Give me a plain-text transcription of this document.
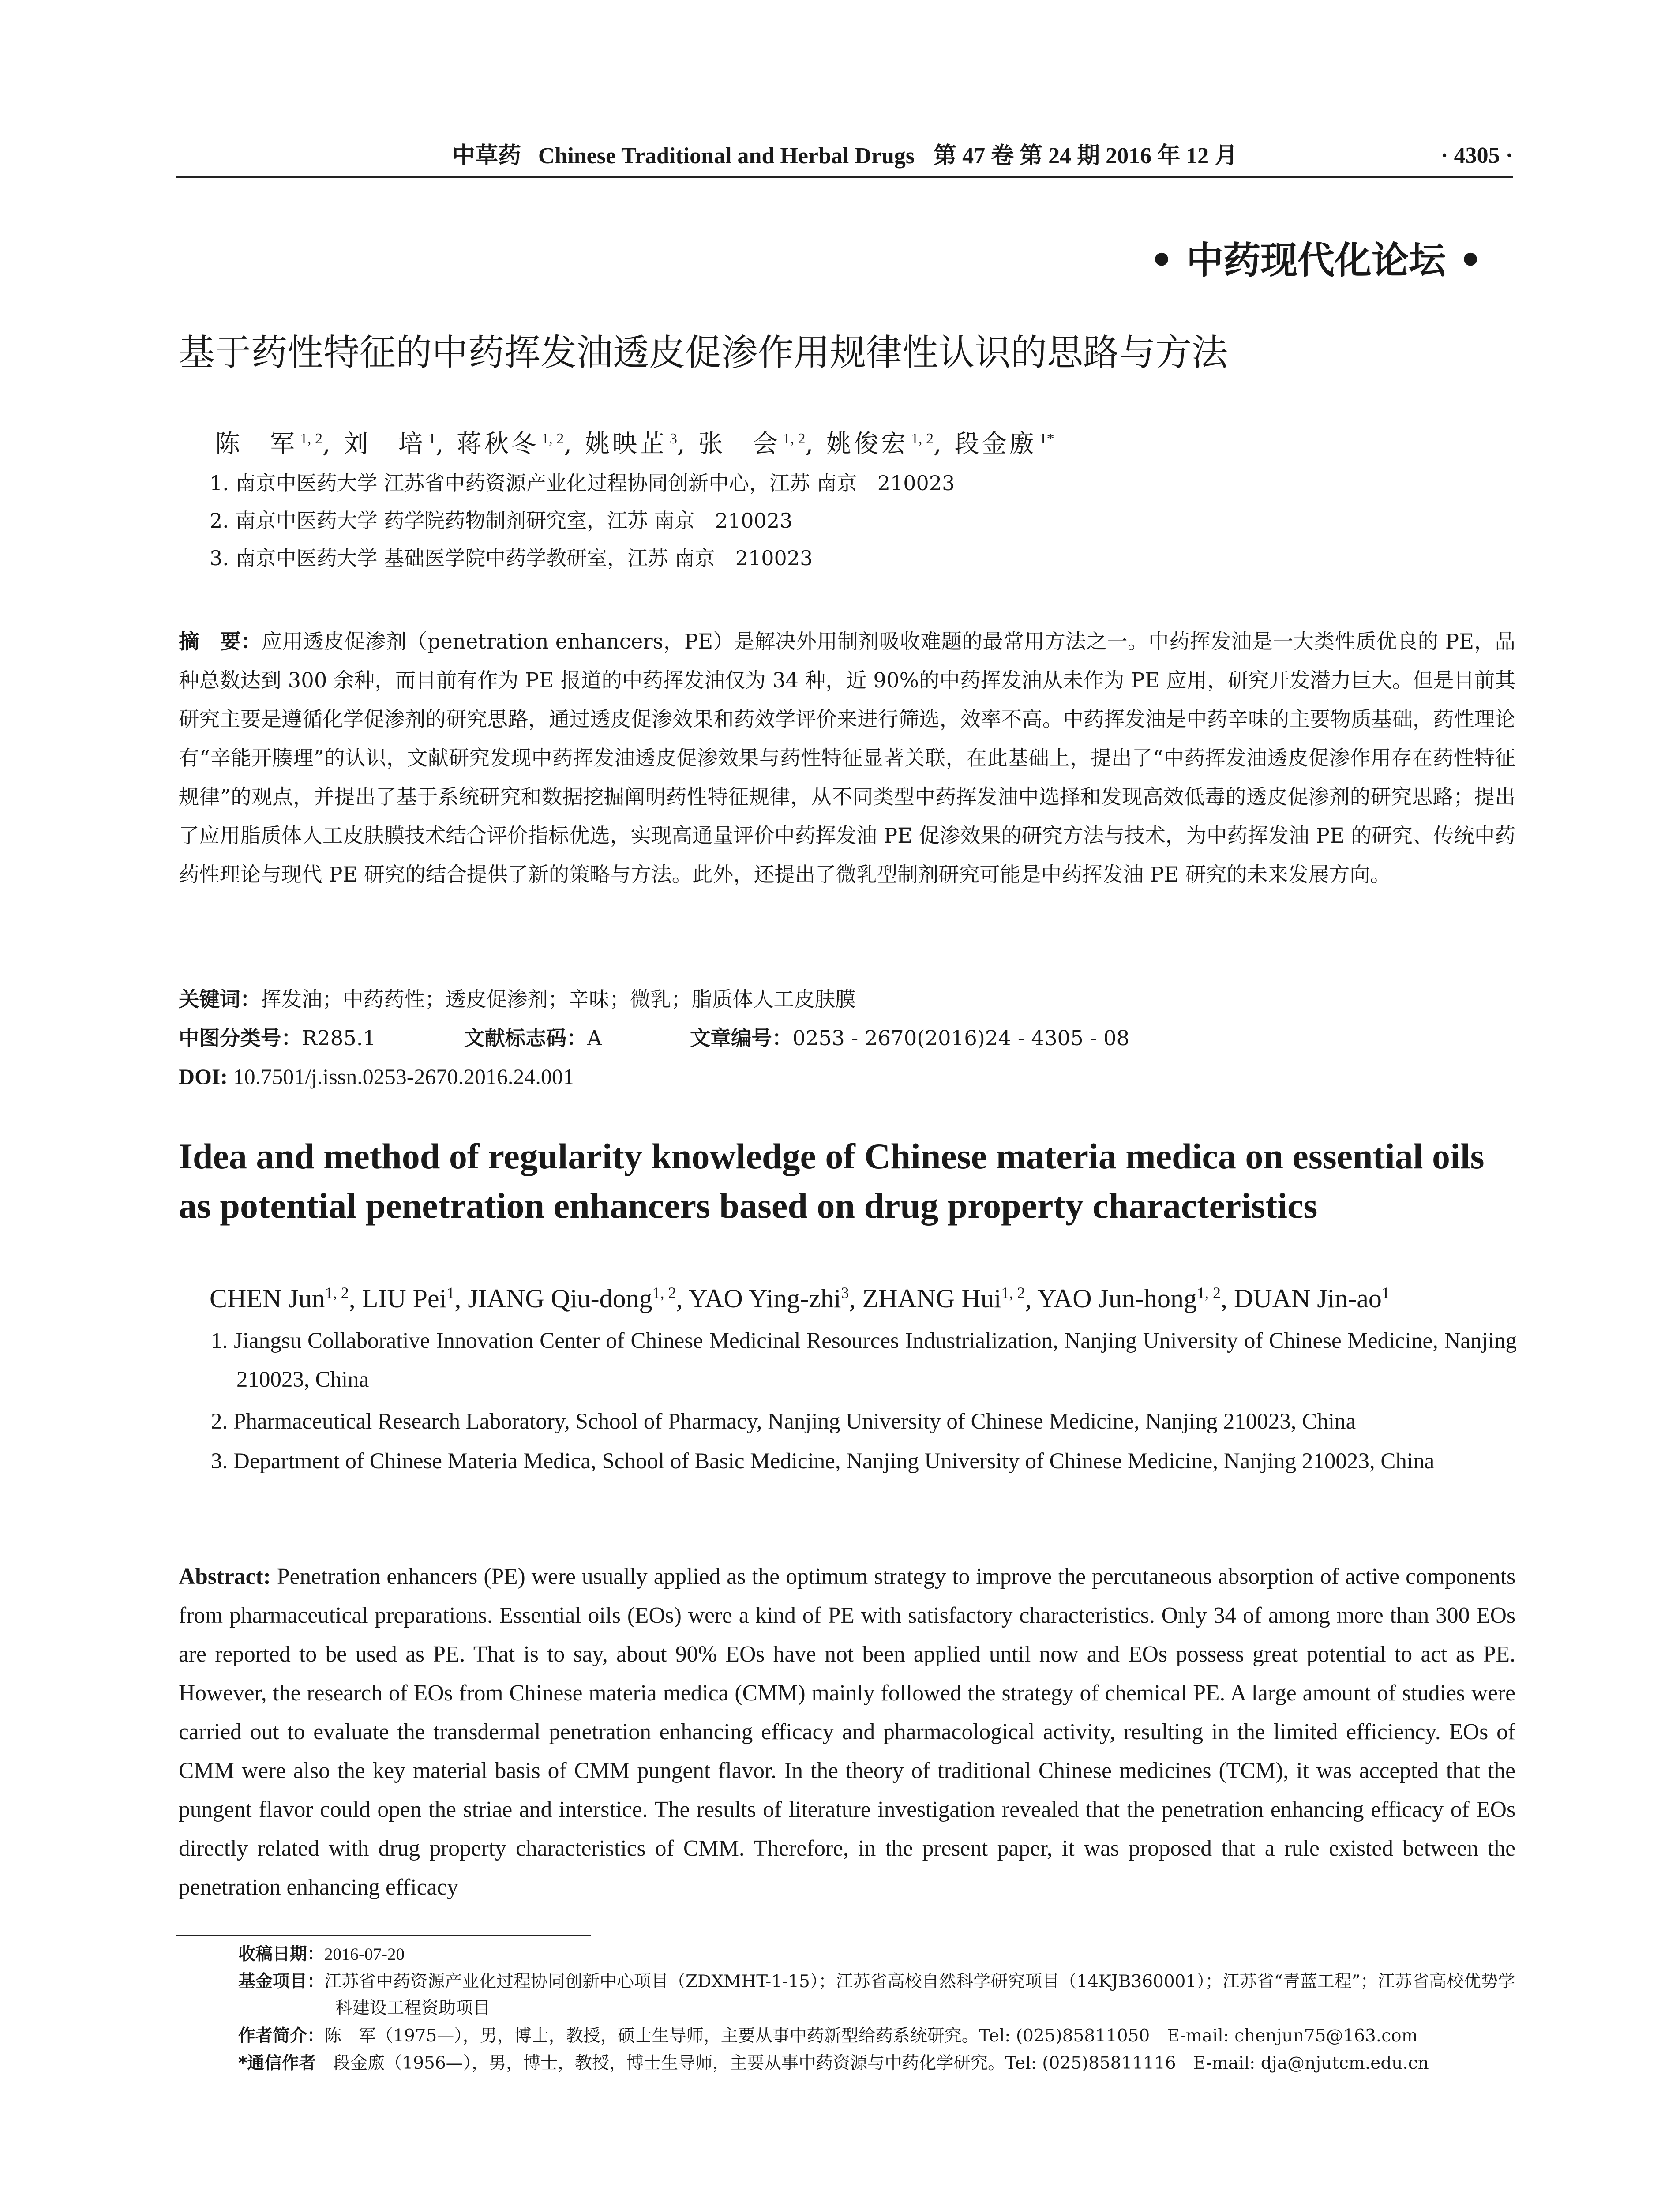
中草药 Chinese Traditional and Herbal Drugs 第 47 卷 第 24 期 2016 年 12 月	· 4305 ·
• 中药现代化论坛 •
基于药性特征的中药挥发油透皮促渗作用规律性认识的思路与方法
陈　军 $^{1, 2}$, 刘　培 $^1$, 蒋秋冬 $^{1, 2}$, 姚映芷 $^3$, 张　会 $^{1, 2}$, 姚俊宏 $^{1, 2}$, 段金廒 $^{1*}$
1. 南京中医药大学 江苏省中药资源产业化过程协同创新中心，江苏 南京　210023
2. 南京中医药大学 药学院药物制剂研究室，江苏 南京　210023
3. 南京中医药大学 基础医学院中药学教研室，江苏 南京　210023
摘　要：应用透皮促渗剂（penetration enhancers，PE）是解决外用制剂吸收难题的最常用方法之一。中药挥发油是一大类性质优良的 PE，品种总数达到 300 余种，而目前有作为 PE 报道的中药挥发油仅为 34 种，近 90%的中药挥发油从未作为 PE 应用，研究开发潜力巨大。但是目前其研究主要是遵循化学促渗剂的研究思路，通过透皮促渗效果和药效学评价来进行筛选，效率不高。中药挥发油是中药辛味的主要物质基础，药性理论有“辛能开腠理”的认识，文献研究发现中药挥发油透皮促渗效果与药性特征显著关联，在此基础上，提出了“中药挥发油透皮促渗作用存在药性特征规律”的观点，并提出了基于系统研究和数据挖掘阐明药性特征规律，从不同类型中药挥发油中选择和发现高效低毒的透皮促渗剂的研究思路；提出了应用脂质体人工皮肤膜技术结合评价指标优选，实现高通量评价中药挥发油 PE 促渗效果的研究方法与技术，为中药挥发油 PE 的研究、传统中药药性理论与现代 PE 研究的结合提供了新的策略与方法。此外，还提出了微乳型制剂研究可能是中药挥发油 PE 研究的未来发展方向。
关键词：挥发油；中药药性；透皮促渗剂；辛味；微乳；脂质体人工皮肤膜
中图分类号：R285.1	文献标志码：A	文章编号：0253 - 2670(2016)24 - 4305 - 08
DOI: 10.7501/j.issn.0253-2670.2016.24.001
Idea and method of regularity knowledge of Chinese materia medica on essential oils as potential penetration enhancers based on drug property characteristics
CHEN Jun$^{1, 2}$, LIU Pei$^1$, JIANG Qiu-dong$^{1, 2}$, YAO Ying-zhi$^3$, ZHANG Hui$^{1, 2}$, YAO Jun-hong$^{1, 2}$, DUAN Jin-$ao^1$
1. Jiangsu Collaborative Innovation Center of Chinese Medicinal Resources Industrialization, Nanjing University of Chinese Medicine, Nanjing 210023, China
2. Pharmaceutical Research Laboratory, School of Pharmacy, Nanjing University of Chinese Medicine, Nanjing 210023, China
3. Department of Chinese Materia Medica, School of Basic Medicine, Nanjing University of Chinese Medicine, Nanjing 210023, China
Abstract: Penetration enhancers (PE) were usually applied as the optimum strategy to improve the percutaneous absorption of active components from pharmaceutical preparations. Essential oils (EOs) were a kind of PE with satisfactory characteristics. Only 34 of among more than 300 EOs are reported to be used as PE. That is to say, about 90% EOs have not been applied until now and EOs possess great potential to act as PE. However, the research of EOs from Chinese materia medica (CMM) mainly followed the strategy of chemical PE. A large amount of studies were carried out to evaluate the transdermal penetration enhancing efficacy and pharmacological activity, resulting in the limited efficiency. EOs of CMM were also the key material basis of CMM pungent flavor. In the theory of traditional Chinese medicines (TCM), it was accepted that the pungent flavor could open the striae and interstice. The results of literature investigation revealed that the penetration enhancing efficacy of EOs directly related with drug property characteristics of CMM. Therefore, in the present paper, it was proposed that a rule existed between the penetration enhancing efficacy
收稿日期：2016-07-20
基金项目：江苏省中药资源产业化过程协同创新中心项目（ZDXMHT-1-15）；江苏省高校自然科学研究项目（14KJB360001）；江苏省“青蓝工程”；江苏省高校优势学科建设工程资助项目
作者简介：陈　军（1975—），男，博士，教授，硕士生导师，主要从事中药新型给药系统研究。Tel: (025)85811050　E-mail: chenjun75@163.com
*通信作者　 段金廒（1956—），男，博士，教授，博士生导师，主要从事中药资源与中药化学研究。Tel: (025)85811116　E-mail: dja@njutcm.edu.cn
